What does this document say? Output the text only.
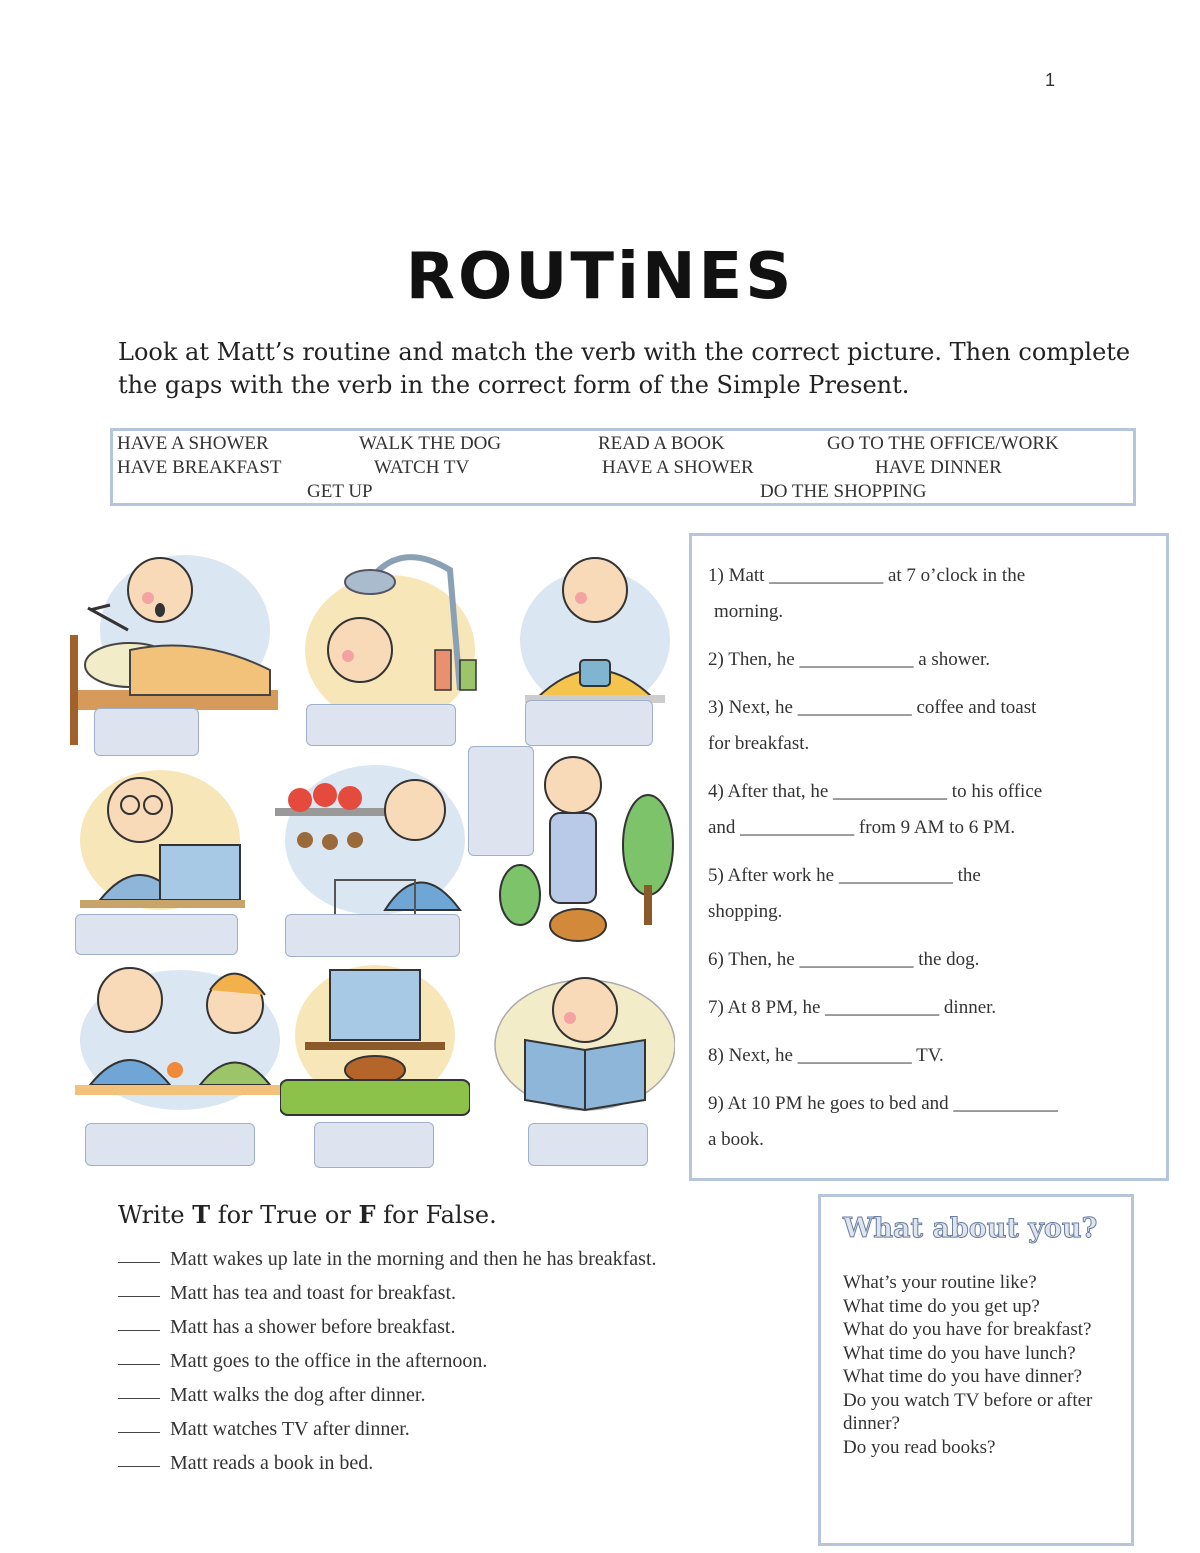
1
ROUTiNES
Look at Matt’s routine and match the verb with the correct picture. Then complete the gaps with the verb in the correct form of the Simple Present.
HAVE A SHOWER	WALK THE DOG	READ A BOOK	GO TO THE OFFICE/WORK
HAVE BREAKFAST	WATCH TV	HAVE A SHOWER	HAVE DINNER
GET UP	DO THE SHOPPING
1) Matt ____________ at 7 o’clock in the
morning.
2) Then, he ____________ a shower.
3) Next, he ____________ coffee and toast
for breakfast.
4) After that, he ____________ to his office
and ____________ from 9 AM to 6 PM.
5) After work he ____________ the
shopping.
6) Then, he ____________ the dog.
7) At 8 PM, he ____________ dinner.
8) Next, he ____________ TV.
9) At 10 PM he goes to bed and ___________
a book.
Write T for True or F for False.
Matt wakes up late in the morning and then he has breakfast.
Matt has tea and toast for breakfast.
Matt has a shower before breakfast.
Matt goes to the office in the afternoon.
Matt walks the dog after dinner.
Matt watches TV after dinner.
Matt reads a book in bed.
What about you?
What’s your routine like?
What time do you get up?
What do you have for breakfast?
What time do you have lunch?
What time do you have dinner?
Do you watch TV before or after dinner?
Do you read books?
